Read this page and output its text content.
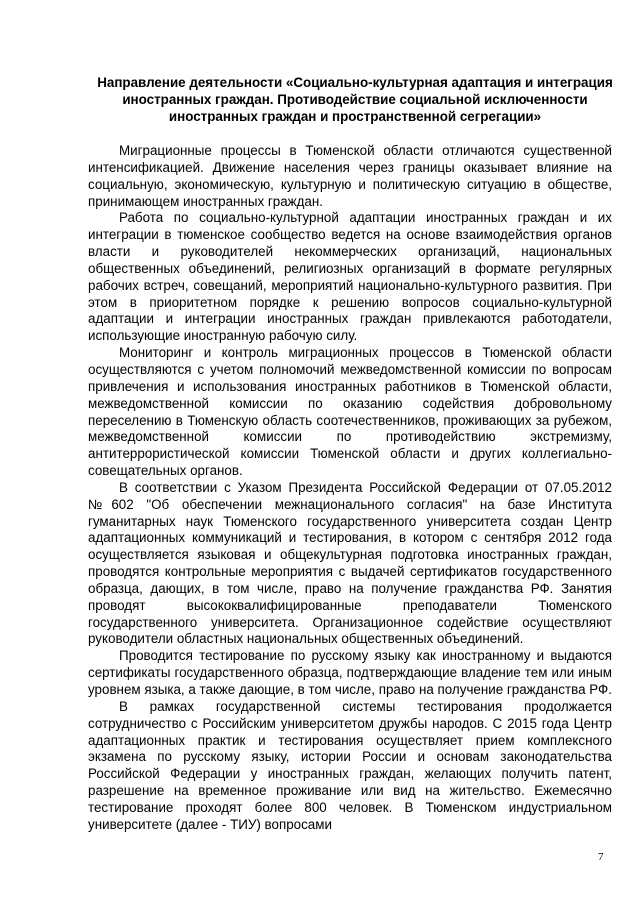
Направление деятельности «Социально-культурная адаптация и интеграция иностранных граждан. Противодействие социальной исключенности иностранных граждан и пространственной сегрегации»

Миграционные процессы в Тюменской области отличаются существенной интенсификацией. Движение населения через границы оказывает влияние на социальную, экономическую, культурную и политическую ситуацию в обществе, принимающем иностранных граждан.

Работа по социально-культурной адаптации иностранных граждан и их интеграции в тюменское сообщество ведется на основе взаимодействия органов власти и руководителей некоммерческих организаций, национальных общественных объединений, религиозных организаций в формате регулярных рабочих встреч, совещаний, мероприятий национально-культурного развития. При этом в приоритетном порядке к решению вопросов социально-культурной адаптации и интеграции иностранных граждан привлекаются работодатели, использующие иностранную рабочую силу.

Мониторинг и контроль миграционных процессов в Тюменской области осуществляются с учетом полномочий межведомственной комиссии по вопросам привлечения и использования иностранных работников в Тюменской области, межведомственной комиссии по оказанию содействия добровольному переселению в Тюменскую область соотечественников, проживающих за рубежом, межведомственной комиссии по противодействию экстремизму, антитеррористической комиссии Тюменской области и других коллегиально-совещательных органов.

В соответствии с Указом Президента Российской Федерации от 07.05.2012 №602 "Об обеспечении межнационального согласия" на базе Института гуманитарных наук Тюменского государственного университета создан Центр адаптационных коммуникаций и тестирования, в котором с сентября 2012 года осуществляется языковая и общекультурная подготовка иностранных граждан, проводятся контрольные мероприятия с выдачей сертификатов государственного образца, дающих, в том числе, право на получение гражданства РФ. Занятия проводят высококвалифицированные преподаватели Тюменского государственного университета. Организационное содействие осуществляют руководители областных национальных общественных объединений.

Проводится тестирование по русскому языку как иностранному и выдаются сертификаты государственного образца, подтверждающие владение тем или иным уровнем языка, а также дающие, в том числе, право на получение гражданства РФ.

В рамках государственной системы тестирования продолжается сотрудничество с Российским университетом дружбы народов. С 2015 года Центр адаптационных практик и тестирования осуществляет прием комплексного экзамена по русскому языку, истории России и основам законодательства Российской Федерации у иностранных граждан, желающих получить патент, разрешение на временное проживание или вид на жительство. Ежемесячно тестирование проходят более 800 человек. В Тюменском индустриальном университете (далее - ТИУ) вопросами

7
